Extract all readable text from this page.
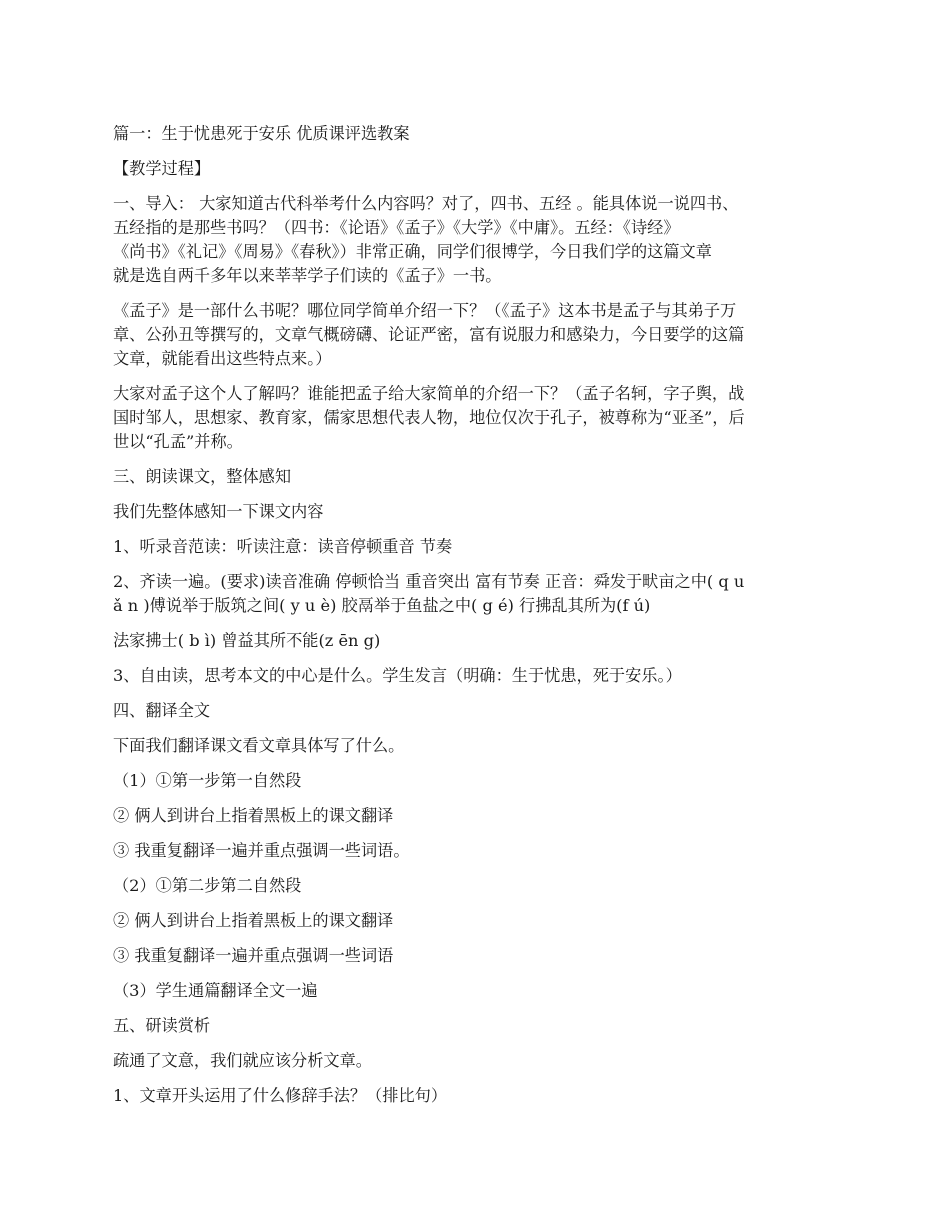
篇一：生于忧患死于安乐 优质课评选教案

【教学过程】

一、导入： 大家知道古代科举考什么内容吗？对了，四书、五经 。能具体说一说四书、
五经指的是那些书吗？（四书：《论语》《孟子》《大学》《中庸》。五经：《诗经》
《尚书》《礼记》《周易》《春秋》）非常正确，同学们很博学，今日我们学的这篇文章
就是选自两千多年以来莘莘学子们读的《孟子》一书。

《孟子》是一部什么书呢？哪位同学简单介绍一下？（《孟子》这本书是孟子与其弟子万
章、公孙丑等撰写的，文章气概磅礴、论证严密，富有说服力和感染力，今日要学的这篇
文章，就能看出这些特点来。）

大家对孟子这个人了解吗？谁能把孟子给大家简单的介绍一下？（孟子名轲，字子舆，战
国时邹人，思想家、教育家，儒家思想代表人物，地位仅次于孔子，被尊称为“亚圣”，后
世以“孔孟”并称。

三、朗读课文，整体感知

我们先整体感知一下课文内容

1、听录音范读：听读注意：读音停顿重音 节奏

2、齐读一遍。(要求)读音准确 停顿恰当 重音突出 富有节奏 正音：舜发于畎亩之中( q u
ǎ n )傅说举于版筑之间( y u è) 胶鬲举于鱼盐之中( g é) 行拂乱其所为(f ú)

法家拂士( b ì) 曾益其所不能(z ēn g)

3、自由读，思考本文的中心是什么。学生发言（明确：生于忧患，死于安乐。）

四、翻译全文

下面我们翻译课文看文章具体写了什么。

（1）①第一步第一自然段

② 俩人到讲台上指着黑板上的课文翻译

③ 我重复翻译一遍并重点强调一些词语。

（2）①第二步第二自然段

② 俩人到讲台上指着黑板上的课文翻译

③ 我重复翻译一遍并重点强调一些词语

（3）学生通篇翻译全文一遍

五、研读赏析

疏通了文意，我们就应该分析文章。

1、文章开头运用了什么修辞手法？（排比句）
